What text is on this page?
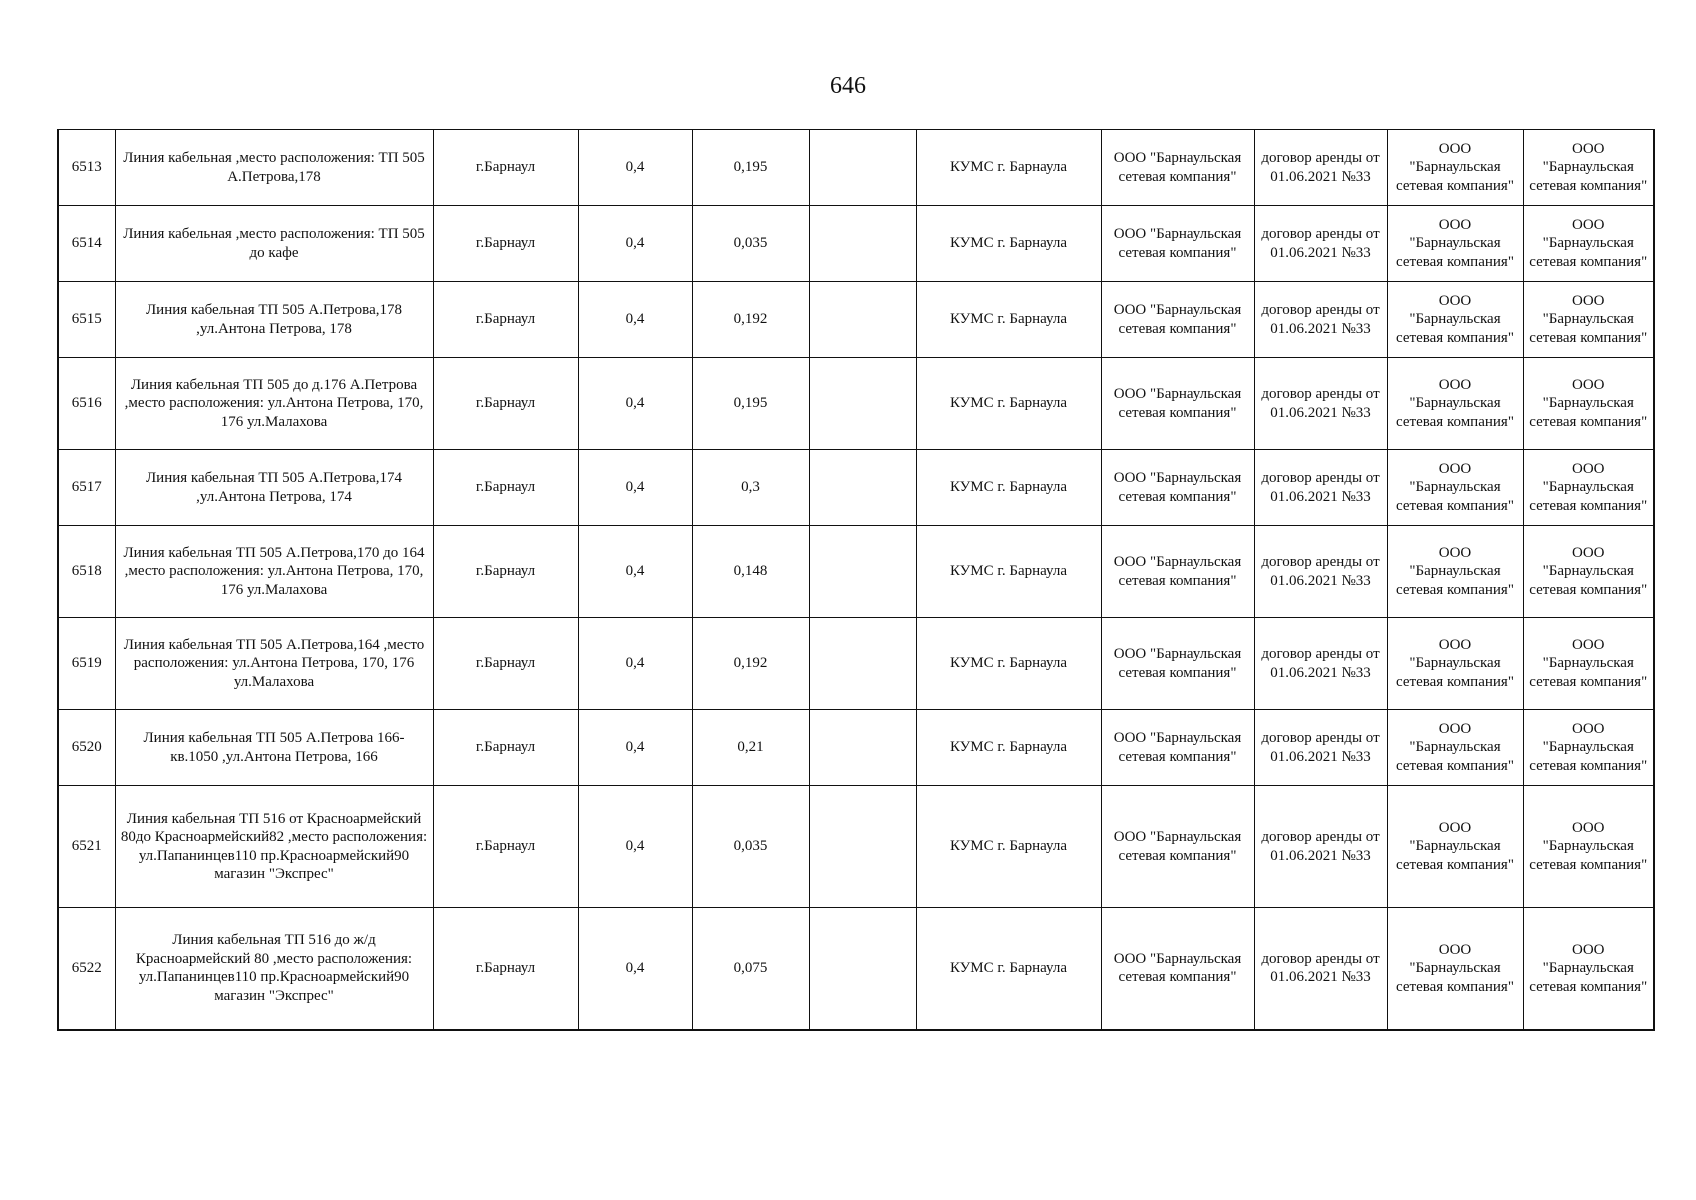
646
6513	Линия кабельная ,место расположения: ТП 505 А.Петрова,178	г.Барнаул	0,4	0,195		КУМС г. Барнаула	ООО "Барнаульская сетевая компания"	договор аренды от 01.06.2021 №33	ООО "Барнаульская сетевая компания"	ООО "Барнаульская сетевая компания"
6514	Линия кабельная ,место расположения: ТП 505 до кафе	г.Барнаул	0,4	0,035		КУМС г. Барнаула	ООО "Барнаульская сетевая компания"	договор аренды от 01.06.2021 №33	ООО "Барнаульская сетевая компания"	ООО "Барнаульская сетевая компания"
6515	Линия кабельная ТП 505 А.Петрова,178 ,ул.Антона Петрова, 178	г.Барнаул	0,4	0,192		КУМС г. Барнаула	ООО "Барнаульская сетевая компания"	договор аренды от 01.06.2021 №33	ООО "Барнаульская сетевая компания"	ООО "Барнаульская сетевая компания"
6516	Линия кабельная ТП 505 до д.176 А.Петрова ,место расположения: ул.Антона Петрова, 170, 176 ул.Малахова	г.Барнаул	0,4	0,195		КУМС г. Барнаула	ООО "Барнаульская сетевая компания"	договор аренды от 01.06.2021 №33	ООО "Барнаульская сетевая компания"	ООО "Барнаульская сетевая компания"
6517	Линия кабельная ТП 505 А.Петрова,174 ,ул.Антона Петрова, 174	г.Барнаул	0,4	0,3		КУМС г. Барнаула	ООО "Барнаульская сетевая компания"	договор аренды от 01.06.2021 №33	ООО "Барнаульская сетевая компания"	ООО "Барнаульская сетевая компания"
6518	Линия кабельная ТП 505 А.Петрова,170 до 164 ,место расположения: ул.Антона Петрова, 170, 176 ул.Малахова	г.Барнаул	0,4	0,148		КУМС г. Барнаула	ООО "Барнаульская сетевая компания"	договор аренды от 01.06.2021 №33	ООО "Барнаульская сетевая компания"	ООО "Барнаульская сетевая компания"
6519	Линия кабельная ТП 505 А.Петрова,164 ,место расположения: ул.Антона Петрова, 170, 176 ул.Малахова	г.Барнаул	0,4	0,192		КУМС г. Барнаула	ООО "Барнаульская сетевая компания"	договор аренды от 01.06.2021 №33	ООО "Барнаульская сетевая компания"	ООО "Барнаульская сетевая компания"
6520	Линия кабельная ТП 505 А.Петрова 166-кв.1050 ,ул.Антона Петрова, 166	г.Барнаул	0,4	0,21		КУМС г. Барнаула	ООО "Барнаульская сетевая компания"	договор аренды от 01.06.2021 №33	ООО "Барнаульская сетевая компания"	ООО "Барнаульская сетевая компания"
6521	Линия кабельная ТП 516 от Красноармейский 80до Красноармейский82 ,место расположения: ул.Папанинцев110 пр.Красноармейский90 магазин "Экспрес"	г.Барнаул	0,4	0,035		КУМС г. Барнаула	ООО "Барнаульская сетевая компания"	договор аренды от 01.06.2021 №33	ООО "Барнаульская сетевая компания"	ООО "Барнаульская сетевая компания"
6522	Линия кабельная ТП 516 до ж/д Красноармейский 80 ,место расположения: ул.Папанинцев110 пр.Красноармейский90 магазин "Экспрес"	г.Барнаул	0,4	0,075		КУМС г. Барнаула	ООО "Барнаульская сетевая компания"	договор аренды от 01.06.2021 №33	ООО "Барнаульская сетевая компания"	ООО "Барнаульская сетевая компания"
